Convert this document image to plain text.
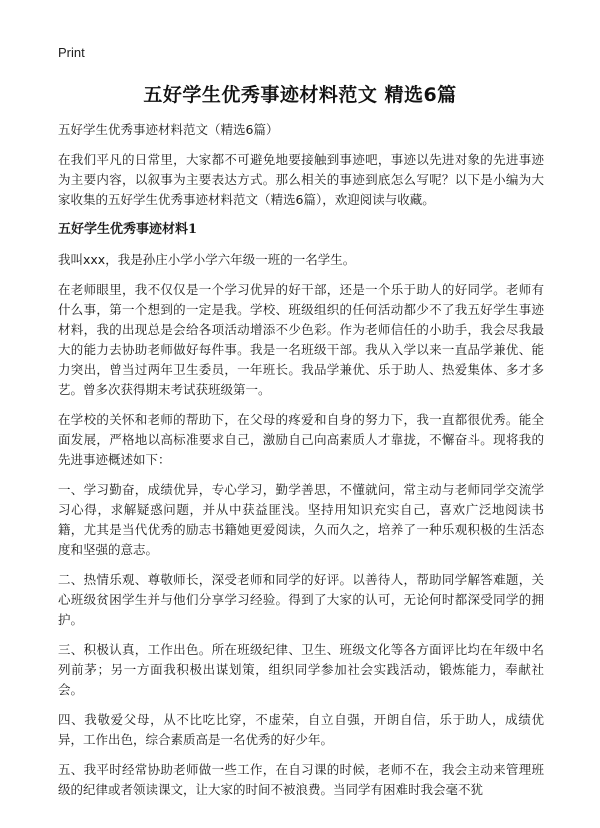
Print
五好学生优秀事迹材料范文 精选6篇

五好学生优秀事迹材料范文（精选6篇）

在我们平凡的日常里，大家都不可避免地要接触到事迹吧，事迹以先进对象的先进事迹为主要内容，以叙事为主要表达方式。那么相关的事迹到底怎么写呢？以下是小编为大家收集的五好学生优秀事迹材料范文（精选6篇），欢迎阅读与收藏。

五好学生优秀事迹材料1

我叫xxx，我是孙庄小学小学六年级一班的一名学生。

在老师眼里，我不仅仅是一个学习优异的好干部，还是一个乐于助人的好同学。老师有什么事，第一个想到的一定是我。学校、班级组织的任何活动都少不了我五好学生事迹材料，我的出现总是会给各项活动增添不少色彩。作为老师信任的小助手，我会尽我最大的能力去协助老师做好每件事。我是一名班级干部。我从入学以来一直品学兼优、能力突出，曾当过两年卫生委员，一年班长。我品学兼优、乐于助人、热爱集体、多才多艺。曾多次获得期末考试获班级第一。

在学校的关怀和老师的帮助下，在父母的疼爱和自身的努力下，我一直都很优秀。能全面发展，严格地以高标准要求自己，激励自己向高素质人才靠拢，不懈奋斗。现将我的先进事迹概述如下：

一、学习勤奋，成绩优异，专心学习，勤学善思，不懂就问，常主动与老师同学交流学习心得，求解疑惑问题，并从中获益匪浅。坚持用知识充实自己，喜欢广泛地阅读书籍，尤其是当代优秀的励志书籍她更爱阅读，久而久之，培养了一种乐观积极的生活态度和坚强的意志。

二、热情乐观、尊敬师长，深受老师和同学的好评。以善待人，帮助同学解答难题，关心班级贫困学生并与他们分享学习经验。得到了大家的认可，无论何时都深受同学的拥护。

三、积极认真，工作出色。所在班级纪律、卫生、班级文化等各方面评比均在年级中名列前茅；另一方面我积极出谋划策，组织同学参加社会实践活动，锻炼能力，奉献社会。

四、我敬爱父母，从不比吃比穿，不虚荣，自立自强，开朗自信，乐于助人，成绩优异，工作出色，综合素质高是一名优秀的好少年。

五、我平时经常协助老师做一些工作，在自习课的时候，老师不在，我会主动来管理班级的纪律或者领读课文，让大家的时间不被浪费。当同学有困难时我会毫不犹
